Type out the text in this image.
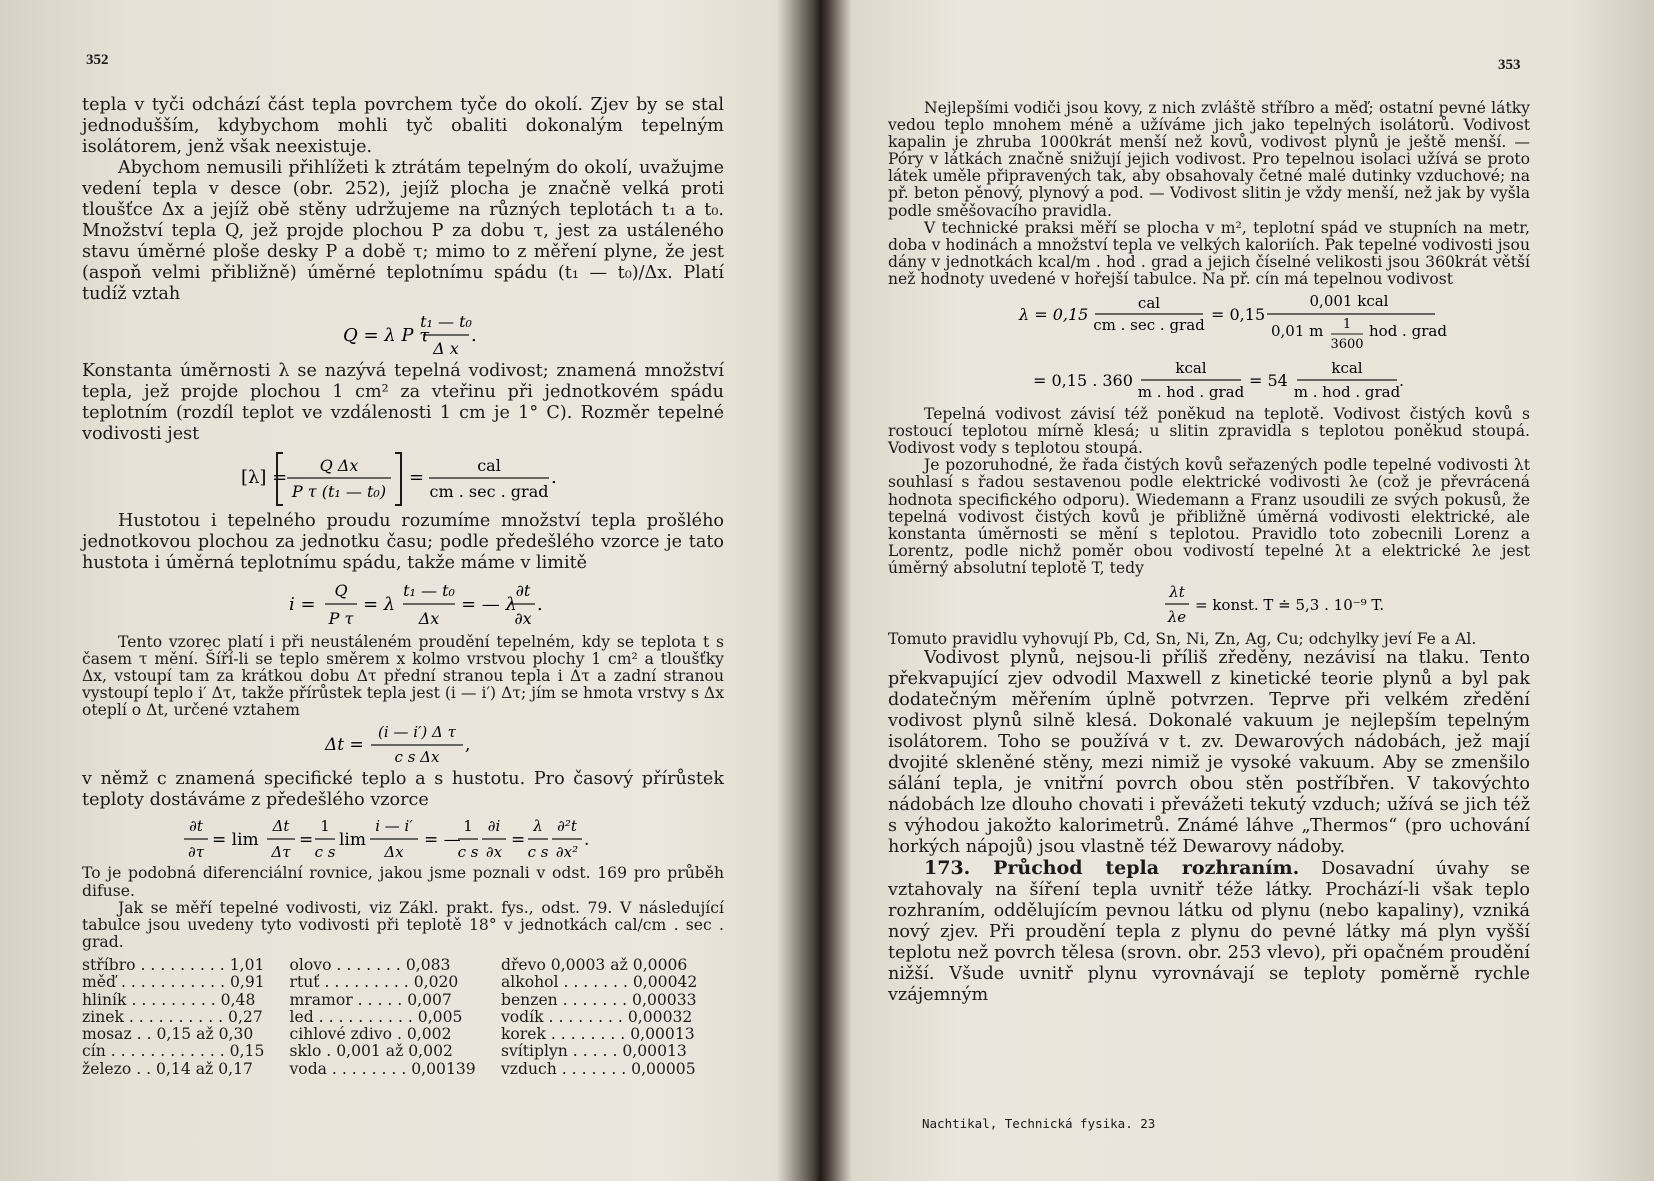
352

tepla v tyči odchází část tepla povrchem tyče do okolí. Zjev by se stal jednodušším, kdybychom mohli tyč obaliti dokonalým tepelným isolátorem, jenž však neexistuje.

Abychom nemusili přihlížeti k ztrátám tepelným do okolí, uvažujme vedení tepla v desce (obr. 252), jejíž plocha je značně velká proti tloušťce Δx a jejíž obě stěny udržujeme na různých teplotách t₁ a t₀. Množství tepla Q, jež projde plochou P za dobu τ, jest za ustáleného stavu úměrné ploše desky P a době τ; mimo to z měření plyne, že jest (aspoň velmi přibližně) úměrné teplotnímu spádu (t₁ — t₀)/Δx. Platí tudíž vztah

Q = λ P τ
t₁ — t₀
Δ x
.

Konstanta úměrnosti λ se nazývá tepelná vodivost; znamená množství tepla, jež projde plochou 1 cm² za vteřinu při jednotkovém spádu teplotním (rozdíl teplot ve vzdálenosti 1 cm je 1° C). Rozměr tepelné vodivosti jest

[λ] =
Q Δx
P τ (t₁ — t₀)
=
cal
cm . sec . grad
.

Hustotou i tepelného proudu rozumíme množství tepla prošlého jednotkovou plochou za jednotku času; podle předešlého vzorce je tato hustota i úměrná teplotnímu spádu, takže máme v limitě

i =
Q
P τ
= λ
t₁ — t₀
Δx
= — λ
∂t
∂x
.

Tento vzorec platí i při neustáleném proudění tepelném, kdy se teplota t s časem τ mění. Šíří-li se teplo směrem x kolmo vrstvou plochy 1 cm² a tloušťky Δx, vstoupí tam za krátkou dobu Δτ přední stranou tepla i Δτ a zadní stranou vystoupí teplo i′ Δτ, takže přírůstek tepla jest (i — i′) Δτ; jím se hmota vrstvy s Δx oteplí o Δt, určené vztahem

Δt =
(i — i′) Δ τ
c s Δx
,

v němž c znamená specifické teplo a s hustotu. Pro časový přírůstek teploty dostáváme z předešlého vzorce

∂t
∂τ
= lim
Δt
Δτ
=
1
c s
lim
i — i′
Δx
= —
1
c s
∂i
∂x
=
λ
c s
∂²t
∂x²
.

To je podobná diferenciální rovnice, jakou jsme poznali v odst. 169 pro průběh difuse.

Jak se měří tepelné vodivosti, viz Zákl. prakt. fys., odst. 79. V následující tabulce jsou uvedeny tyto vodivosti při teplotě 18° v jednotkách cal/cm . sec . grad.

stříbro . . . . . . . . . 1,01	olovo . . . . . . . 0,083	dřevo 0,0003 až 0,0006
měď . . . . . . . . . . . 0,91	rtuť . . . . . . . . . 0,020	alkohol . . . . . . . 0,00042
hliník . . . . . . . . . 0,48	mramor . . . . . 0,007	benzen . . . . . . . 0,00033
zinek . . . . . . . . . . 0,27	led . . . . . . . . . . 0,005	vodík . . . . . . . . 0,00032
mosaz . . 0,15 až 0,30	cihlové zdivo . 0,002	korek . . . . . . . . 0,00013
cín . . . . . . . . . . . . 0,15	sklo . 0,001 až 0,002	svítiplyn . . . . . 0,00013
železo . . 0,14 až 0,17	voda . . . . . . . . 0,00139	vzduch . . . . . . . 0,00005
353

Nejlepšími vodiči jsou kovy, z nich zvláště stříbro a měď; ostatní pevné látky vedou teplo mnohem méně a užíváme jich jako tepelných isolátorů. Vodivost kapalin je zhruba 1000krát menší než kovů, vodivost plynů je ještě menší. — Póry v látkách značně snižují jejich vodivost. Pro tepelnou isolaci užívá se proto látek uměle připravených tak, aby obsahovaly četné malé dutinky vzduchové; na př. beton pěnový, plynový a pod. — Vodivost slitin je vždy menší, než jak by vyšla podle směšovacího pravidla.

V technické praksi měří se plocha v m², teplotní spád ve stupních na metr, doba v hodinách a množství tepla ve velkých kaloriích. Pak tepelné vodivosti jsou dány v jednotkách kcal/m . hod . grad a jejich číselné velikosti jsou 360krát větší než hodnoty uvedené v hořejší tabulce. Na př. cín má tepelnou vodivost

λ = 0,15
cal
cm . sec . grad
= 0,15
0,001 kcal
0,01 m 1
3600
hod . grad
= 0,15 . 360
kcal
m . hod . grad
= 54
kcal
m . hod . grad
.

Tepelná vodivost závisí též poněkud na teplotě. Vodivost čistých kovů s rostoucí teplotou mírně klesá; u slitin zpravidla s teplotou poněkud stoupá. Vodivost vody s teplotou stoupá.

Je pozoruhodné, že řada čistých kovů seřazených podle tepelné vodivosti λt souhlasí s řadou sestavenou podle elektrické vodivosti λe (což je převrácená hodnota specifického odporu). Wiedemann a Franz usoudili ze svých pokusů, že tepelná vodivost čistých kovů je přibližně úměrná vodivosti elektrické, ale konstanta úměrnosti se mění s teplotou. Pravidlo toto zobecnili Lorenz a Lorentz, podle nichž poměr obou vodivostí tepelné λt a elektrické λe jest úměrný absolutní teplotě T, tedy

λt
λe
= konst. T ≐ 5,3 . 10⁻⁹ T.

Tomuto pravidlu vyhovují Pb, Cd, Sn, Ni, Zn, Ag, Cu; odchylky jeví Fe a Al.

Vodivost plynů, nejsou-li příliš zředěny, nezávisí na tlaku. Tento překvapující zjev odvodil Maxwell z kinetické teorie plynů a byl pak dodatečným měřením úplně potvrzen. Teprve při velkém zředění vodivost plynů silně klesá. Dokonalé vakuum je nejlepším tepelným isolátorem. Toho se používá v t. zv. Dewarových nádobách, jež mají dvojité skleněné stěny, mezi nimiž je vysoké vakuum. Aby se zmenšilo sálání tepla, je vnitřní povrch obou stěn postříbřen. V takovýchto nádobách lze dlouho chovati i převážeti tekutý vzduch; užívá se jich též s výhodou jakožto kalorimetrů. Známé láhve „Thermos“ (pro uchování horkých nápojů) jsou vlastně též Dewarovy nádoby.

173. Průchod tepla rozhraním. Dosavadní úvahy se vztahovaly na šíření tepla uvnitř téže látky. Prochází-li však teplo rozhraním, oddělujícím pevnou látku od plynu (nebo kapaliny), vzniká nový zjev. Při proudění tepla z plynu do pevné látky má plyn vyšší teplotu než povrch tělesa (srovn. obr. 253 vlevo), při opačném proudění nižší. Všude uvnitř plynu vyrovnávají se teploty poměrně rychle vzájemným

Nachtikal, Technická fysika. 23
